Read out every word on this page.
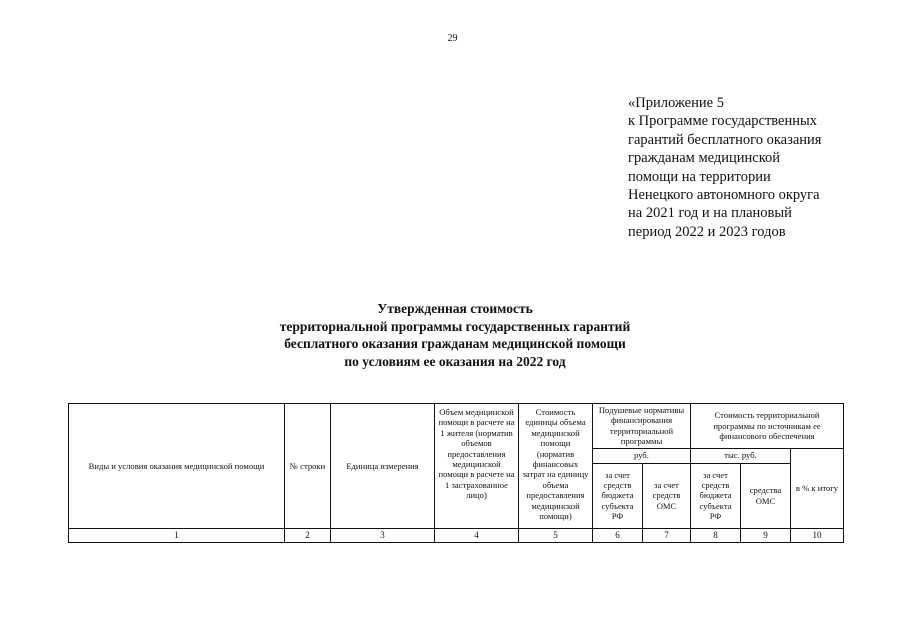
29
«Приложение 5
к Программе государственных
гарантий бесплатного оказания
гражданам медицинской
помощи на территории
Ненецкого автономного округа
на 2021 год и на плановый
период 2022 и 2023 годов
Утвержденная стоимость
территориальной программы государственных гарантий
бесплатного оказания гражданам медицинской помощи
по условиям ее оказания на 2022 год
Виды и условия оказания медицинской помощи	№ строки	Единица измерения	Объем медицинской помощи в расчете на 1 жителя (норматив объемов предоставления медицинской помощи в расчете на 1 застрахованное лицо)	Стоимость единицы объема медицинской помощи (норматив финансовых затрат на единицу объема предоставления медицинской помощи)	Подушевые нормативы финансирования территориальной программы		Стоимость территориальной программы по источникам ее финансового обеспечения		
					руб.		тыс. руб.		в % к итогу
					за счет средств бюджета субъекта РФ	за счет средств ОМС	за счет средств бюджета субъекта РФ	средства ОМС	
1	2	3	4	5	6	7	8	9	10
